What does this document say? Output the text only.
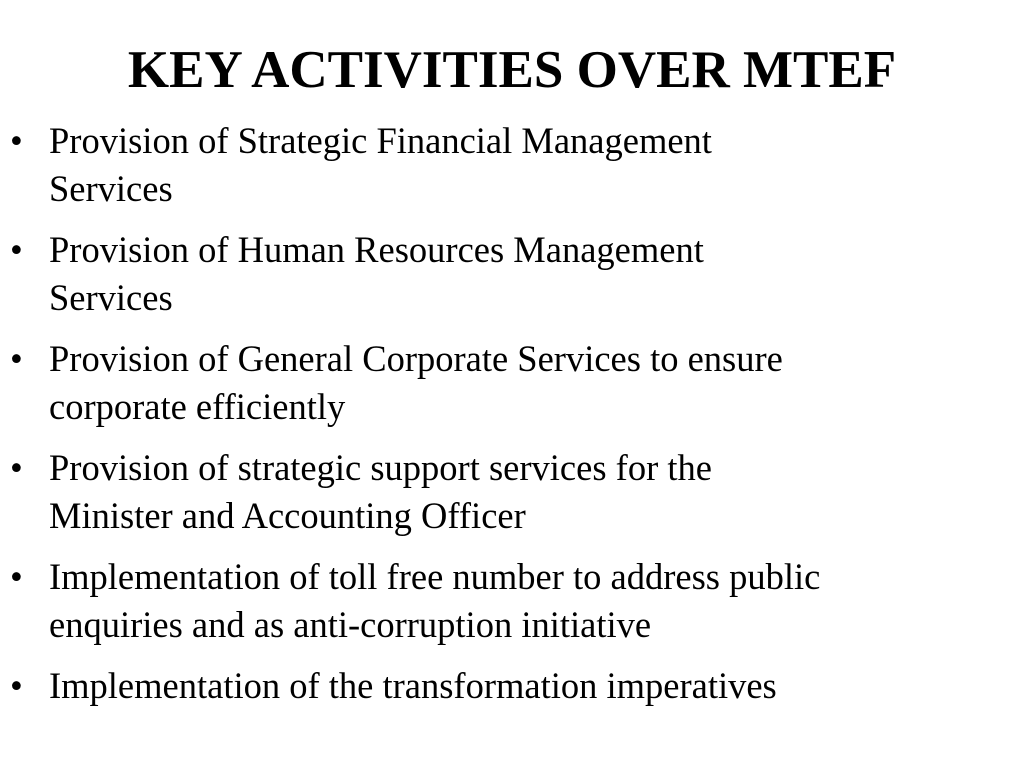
KEY ACTIVITIES OVER MTEF
• Provision of Strategic Financial Management
Services
• Provision of Human Resources Management
Services
• Provision of General Corporate Services to ensure
corporate efficiently
• Provision of strategic support services for the
Minister and Accounting Officer
• Implementation of toll free number to address public
enquiries and as anti-corruption initiative
• Implementation of the transformation imperatives
